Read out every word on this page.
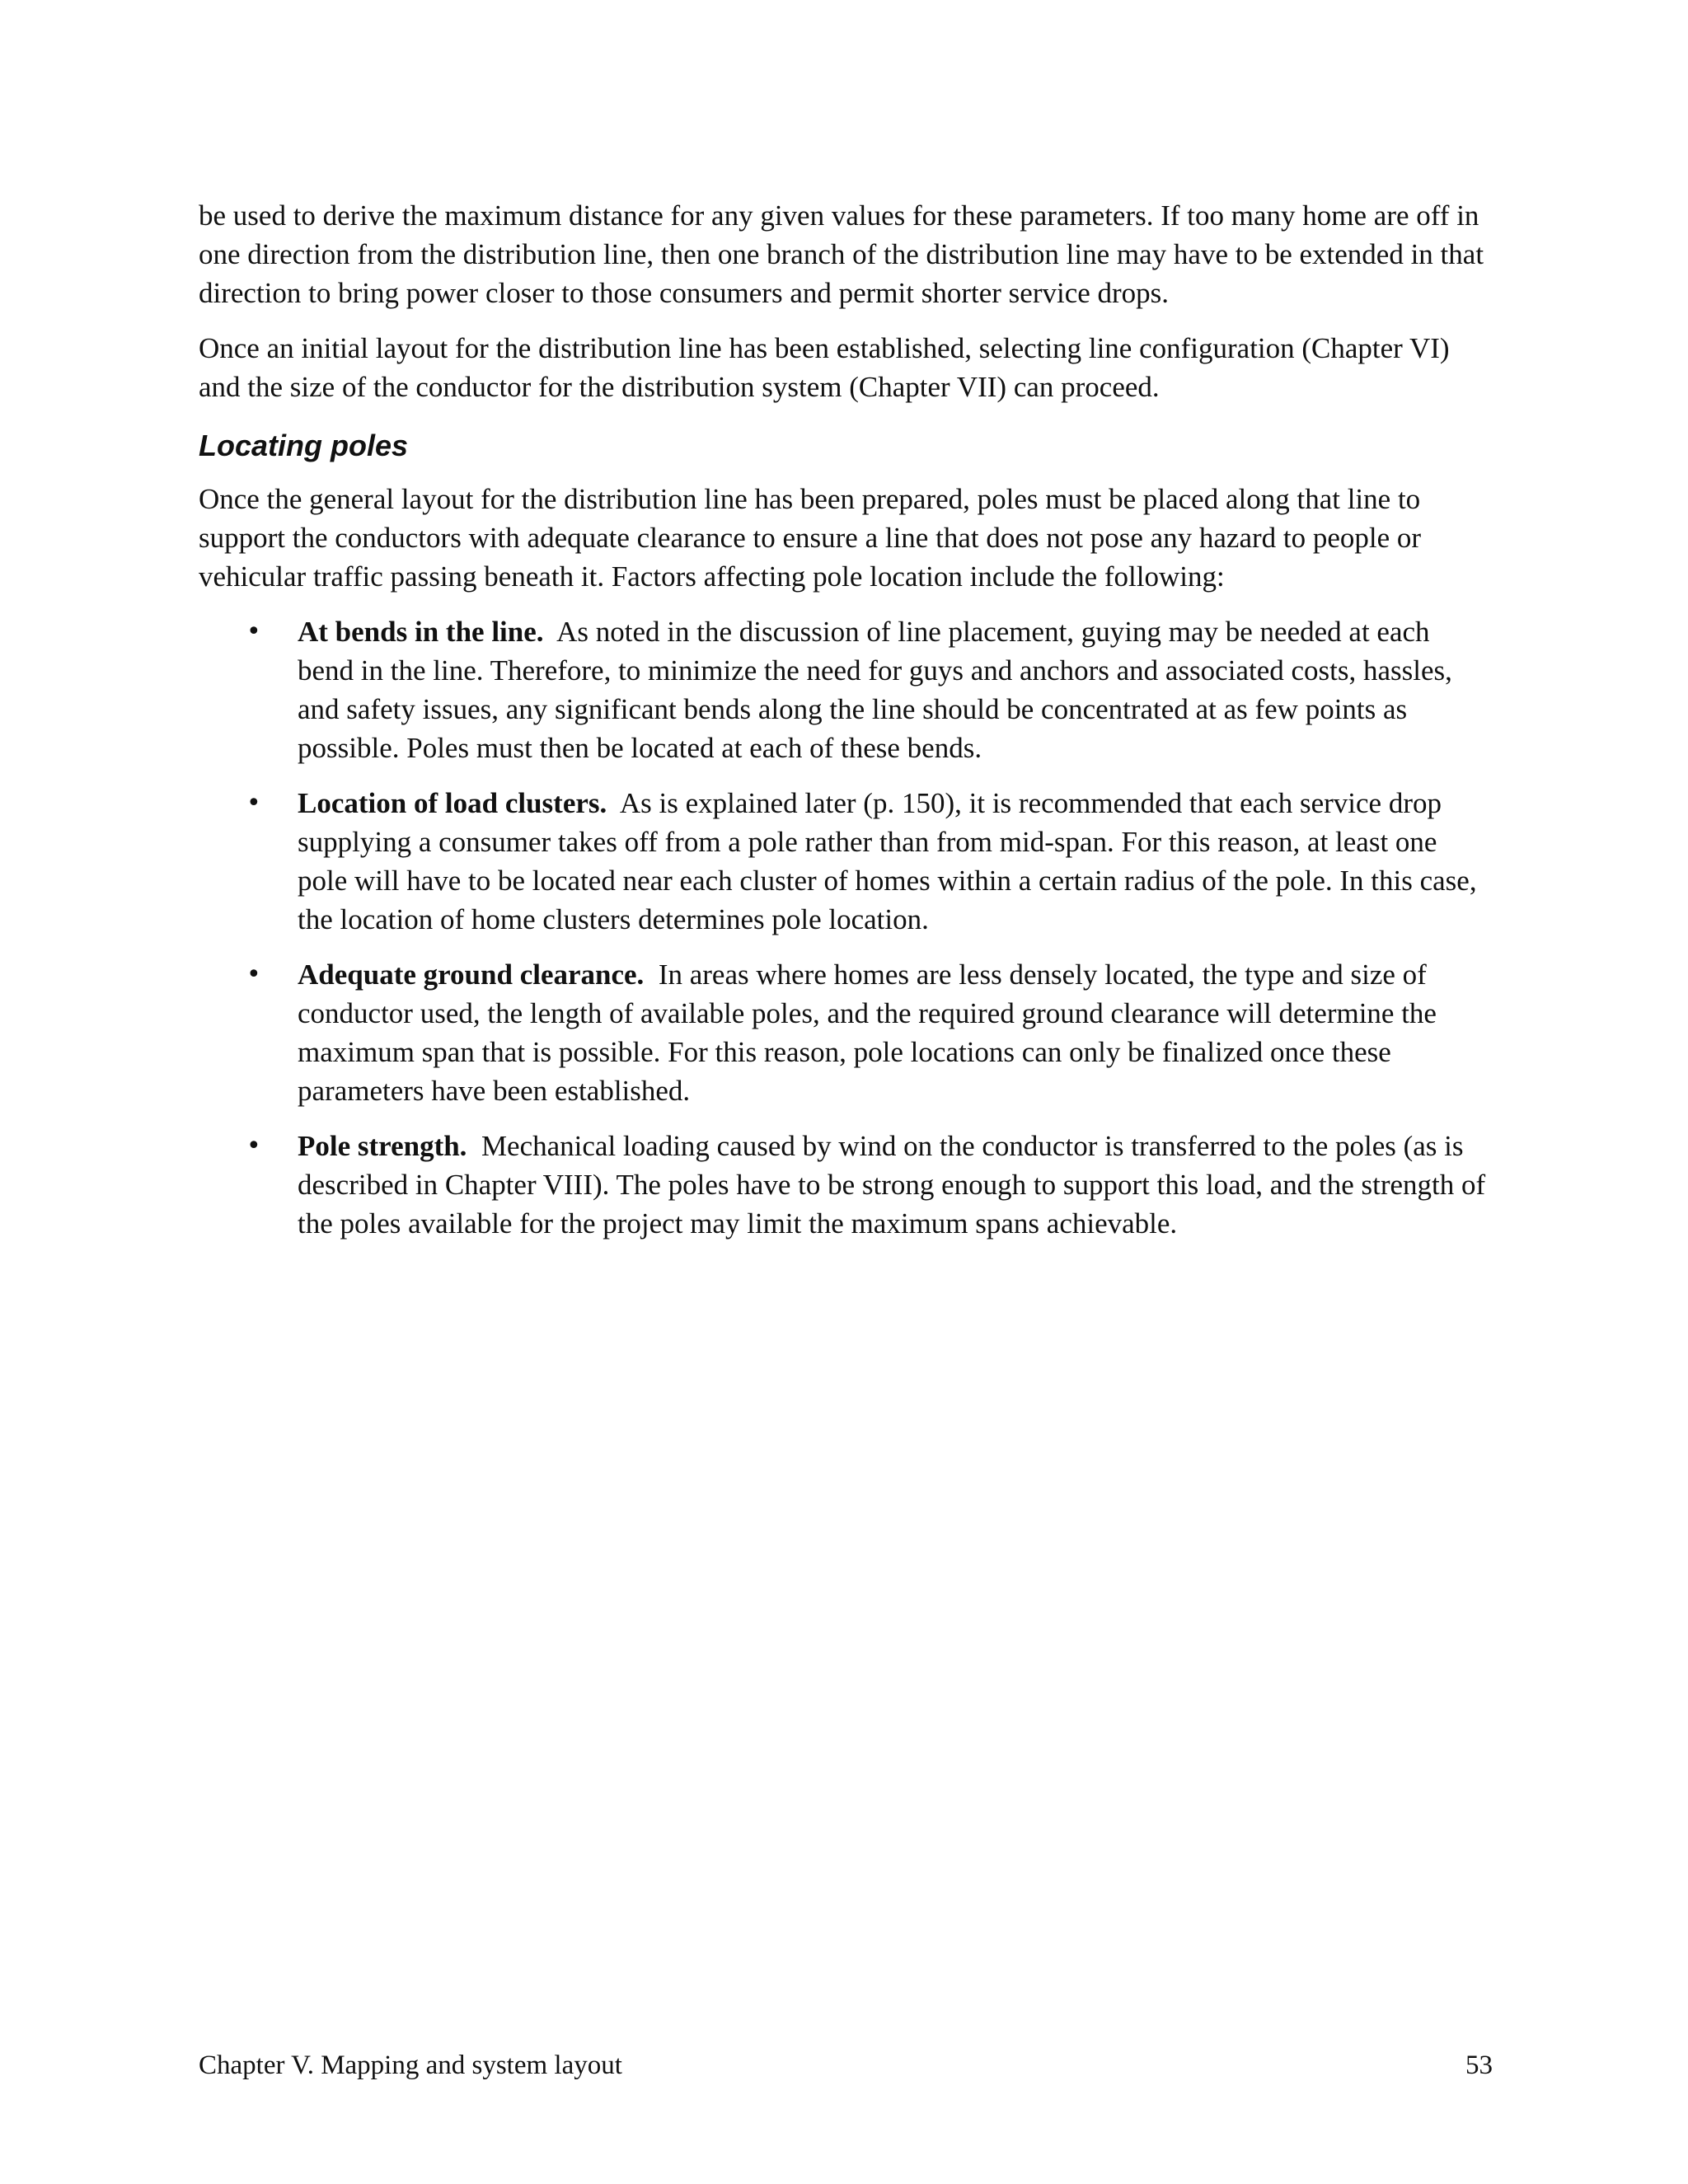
be used to derive the maximum distance for any given values for these parameters. If too many home are off in one direction from the distribution line, then one branch of the distribution line may have to be extended in that direction to bring power closer to those consumers and permit shorter service drops.

Once an initial layout for the distribution line has been established, selecting line configuration (Chapter VI) and the size of the conductor for the distribution system (Chapter VII) can proceed.

Locating poles

Once the general layout for the distribution line has been prepared, poles must be placed along that line to support the conductors with adequate clearance to ensure a line that does not pose any hazard to people or vehicular traffic passing beneath it. Factors affecting pole location include the following:

• At bends in the line. As noted in the discussion of line placement, guying may be needed at each bend in the line. Therefore, to minimize the need for guys and anchors and associated costs, hassles, and safety issues, any significant bends along the line should be concentrated at as few points as possible. Poles must then be located at each of these bends.
• Location of load clusters. As is explained later (p. 150), it is recommended that each service drop supplying a consumer takes off from a pole rather than from mid-span. For this reason, at least one pole will have to be located near each cluster of homes within a certain radius of the pole. In this case, the location of home clusters determines pole location.
• Adequate ground clearance. In areas where homes are less densely located, the type and size of conductor used, the length of available poles, and the required ground clearance will determine the maximum span that is possible. For this reason, pole locations can only be finalized once these parameters have been established.
• Pole strength. Mechanical loading caused by wind on the conductor is transferred to the poles (as is described in Chapter VIII). The poles have to be strong enough to support this load, and the strength of the poles available for the project may limit the maximum spans achievable.
Chapter V. Mapping and system layout	53
